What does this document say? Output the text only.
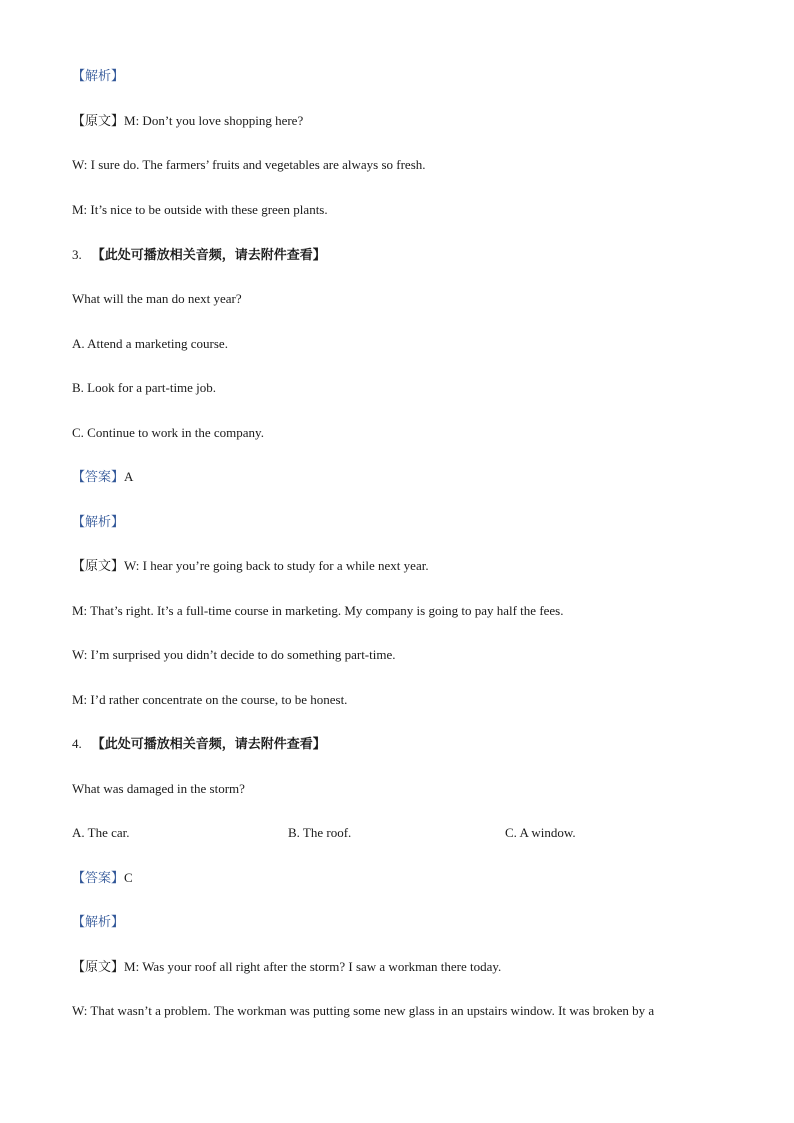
【解析】
【原文】M: Don’t you love shopping here?
W: I sure do. The farmers’ fruits and vegetables are always so fresh.
M: It’s nice to be outside with these green plants.
3. 【此处可播放相关音频，请去附件查看】
What will the man do next year?
A. Attend a marketing course.
B. Look for a part-time job.
C. Continue to work in the company.
【答案】A
【解析】
【原文】W: I hear you’re going back to study for a while next year.
M: That’s right. It’s a full-time course in marketing. My company is going to pay half the fees.
W: I’m surprised you didn’t decide to do something part-time.
M: I’d rather concentrate on the course, to be honest.
4. 【此处可播放相关音频，请去附件查看】
What was damaged in the storm?
A. The car.	B. The roof.	C. A window.
【答案】C
【解析】
【原文】M: Was your roof all right after the storm? I saw a workman there today.
W: That wasn’t a problem. The workman was putting some new glass in an upstairs window. It was broken by a
